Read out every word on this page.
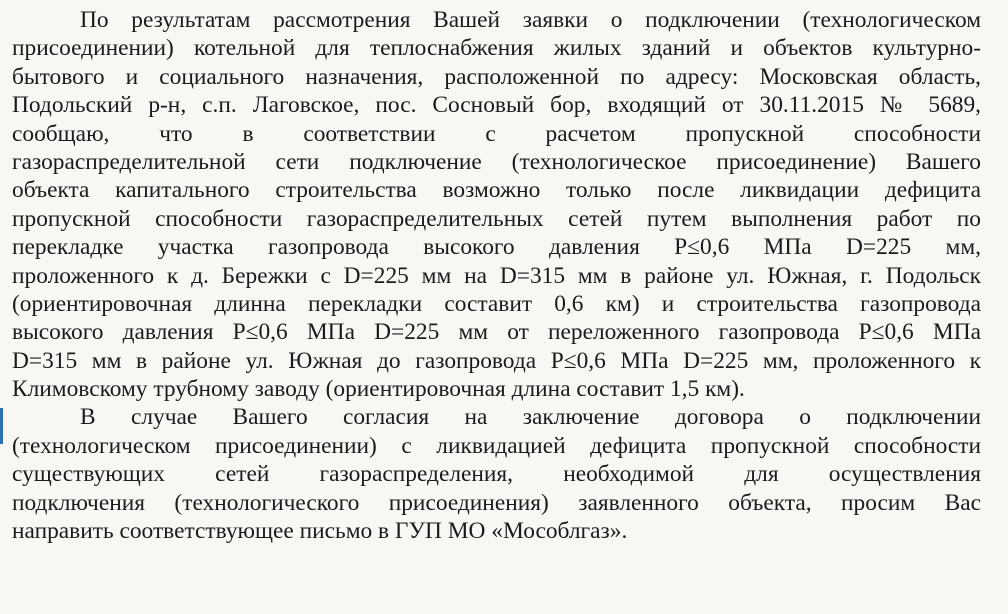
По результатам рассмотрения Вашей заявки о подключении (технологическом
присоединении) котельной для теплоснабжения жилых зданий и объектов культурно-
бытового и социального назначения, расположенной по адресу: Московская область,
Подольский р-н, с.п. Лаговское, пос. Сосновый бор, входящий от 30.11.2015 № 5689,
сообщаю, что в соответствии с расчетом пропускной способности
газораспределительной сети подключение (технологическое присоединение) Вашего
объекта капитального строительства возможно только после ликвидации дефицита
пропускной способности газораспределительных сетей путем выполнения работ по
перекладке участка газопровода высокого давления P≤0,6 МПа D=225 мм,
проложенного к д. Бережки с D=225 мм на D=315 мм в районе ул. Южная, г. Подольск
(ориентировочная длинна перекладки составит 0,6 км) и строительства газопровода
высокого давления P≤0,6 МПа D=225 мм от переложенного газопровода P≤0,6 МПа
D=315 мм в районе ул. Южная до газопровода P≤0,6 МПа D=225 мм, проложенного к
Климовскому трубному заводу (ориентировочная длина составит 1,5 км).
В случае Вашего согласия на заключение договора о подключении
(технологическом присоединении) с ликвидацией дефицита пропускной способности
существующих сетей газораспределения, необходимой для осуществления
подключения (технологического присоединения) заявленного объекта, просим Вас
направить соответствующее письмо в ГУП МО «Мособлгаз».
